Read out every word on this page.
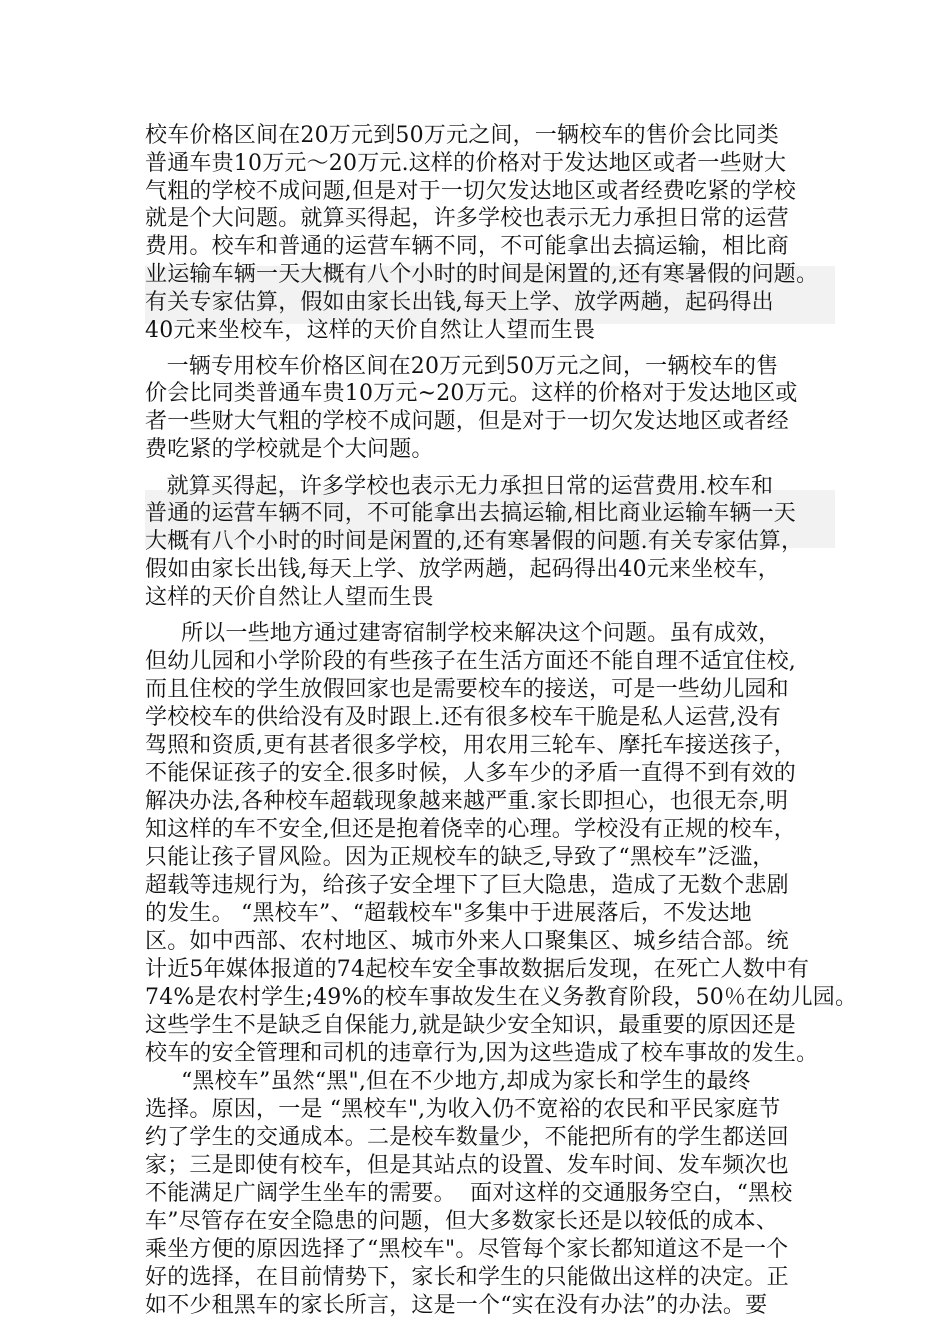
校车价格区间在20万元到50万元之间，一辆校车的售价会比同类
普通车贵10万元～20万元.这样的价格对于发达地区或者一些财大
气粗的学校不成问题,但是对于一切欠发达地区或者经费吃紧的学校
就是个大问题。就算买得起，许多学校也表示无力承担日常的运营
费用。校车和普通的运营车辆不同，不可能拿出去搞运输，相比商
业运输车辆一天大概有八个小时的时间是闲置的,还有寒暑假的问题。
有关专家估算，假如由家长出钱,每天上学、放学两趟，起码得出
40元来坐校车，这样的天价自然让人望而生畏
一辆专用校车价格区间在20万元到50万元之间，一辆校车的售
价会比同类普通车贵10万元~20万元。这样的价格对于发达地区或
者一些财大气粗的学校不成问题，但是对于一切欠发达地区或者经
费吃紧的学校就是个大问题。
就算买得起，许多学校也表示无力承担日常的运营费用.校车和
普通的运营车辆不同，不可能拿出去搞运输,相比商业运输车辆一天
大概有八个小时的时间是闲置的,还有寒暑假的问题.有关专家估算，
假如由家长出钱,每天上学、放学两趟，起码得出40元来坐校车，
这样的天价自然让人望而生畏
所以一些地方通过建寄宿制学校来解决这个问题。虽有成效，
但幼儿园和小学阶段的有些孩子在生活方面还不能自理不适宜住校,
而且住校的学生放假回家也是需要校车的接送，可是一些幼儿园和
学校校车的供给没有及时跟上.还有很多校车干脆是私人运营,没有
驾照和资质,更有甚者很多学校，用农用三轮车、摩托车接送孩子，
不能保证孩子的安全.很多时候，人多车少的矛盾一直得不到有效的
解决办法,各种校车超载现象越来越严重.家长即担心，也很无奈,明
知这样的车不安全,但还是抱着侥幸的心理。学校没有正规的校车，
只能让孩子冒风险。因为正规校车的缺乏,导致了“黑校车”泛滥，
超载等违规行为，给孩子安全埋下了巨大隐患，造成了无数个悲剧
的发生。 “黑校车”、“超载校车"多集中于进展落后，不发达地
区。如中西部、农村地区、城市外来人口聚集区、城乡结合部。统
计近5年媒体报道的74起校车安全事故数据后发现，在死亡人数中有
74%是农村学生;49%的校车事故发生在义务教育阶段，50％在幼儿园。
这些学生不是缺乏自保能力,就是缺少安全知识，最重要的原因还是
校车的安全管理和司机的违章行为,因为这些造成了校车事故的发生。
“黑校车”虽然“黑",但在不少地方,却成为家长和学生的最终
选择。原因，一是 “黑校车",为收入仍不宽裕的农民和平民家庭节
约了学生的交通成本。二是校车数量少，不能把所有的学生都送回
家；三是即使有校车，但是其站点的设置、发车时间、发车频次也
不能满足广阔学生坐车的需要。  面对这样的交通服务空白，“黑校
车”尽管存在安全隐患的问题，但大多数家长还是以较低的成本、
乘坐方便的原因选择了“黑校车"。尽管每个家长都知道这不是一个
好的选择，在目前情势下，家长和学生的只能做出这样的决定。正
如不少租黑车的家长所言，这是一个“实在没有办法”的办法。要
